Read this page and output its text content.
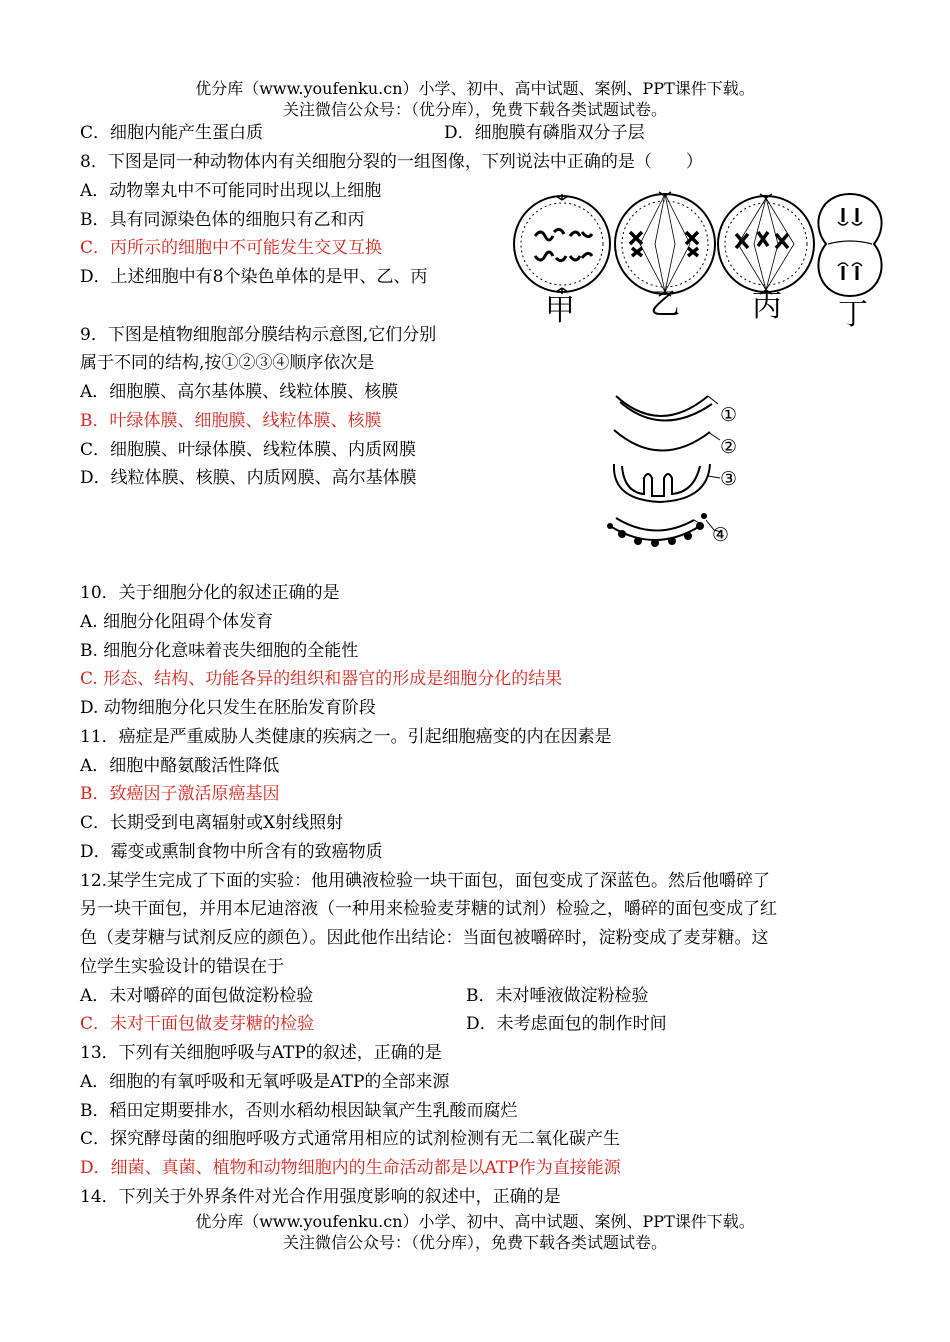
优分库（www.youfenku.cn）小学、初中、高中试题、案例、PPT课件下载。
关注微信公众号：（优分库），免费下载各类试题试卷。
C．细胞内能产生蛋白质	D．细胞膜有磷脂双分子层
8．下图是同一种动物体内有关细胞分裂的一组图像，下列说法中正确的是（　　）
A．动物睾丸中不可能同时出现以上细胞
B．具有同源染色体的细胞只有乙和丙
C．丙所示的细胞中不可能发生交叉互换
D．上述细胞中有8个染色单体的是甲、乙、丙
甲	乙 丙 丁
9．下图是植物细胞部分膜结构示意图,它们分别
属于不同的结构,按①②③④顺序依次是
A．细胞膜、高尔基体膜、线粒体膜、核膜
B．叶绿体膜、细胞膜、线粒体膜、核膜
C．细胞膜、叶绿体膜、线粒体膜、内质网膜
D．线粒体膜、核膜、内质网膜、高尔基体膜
①
②
③
④
10．关于细胞分化的叙述正确的是
A. 细胞分化阻碍个体发育
B. 细胞分化意味着丧失细胞的全能性
C. 形态、结构、功能各异的组织和器官的形成是细胞分化的结果
D. 动物细胞分化只发生在胚胎发育阶段
11．癌症是严重威胁人类健康的疾病之一。引起细胞癌变的内在因素是
A．细胞中酪氨酸活性降低
B．致癌因子激活原癌基因
C．长期受到电离辐射或X射线照射
D．霉变或熏制食物中所含有的致癌物质
12.某学生完成了下面的实验：他用碘液检验一块干面包，面包变成了深蓝色。然后他嚼碎了
另一块干面包，并用本尼迪溶液（一种用来检验麦芽糖的试剂）检验之，嚼碎的面包变成了红
色（麦芽糖与试剂反应的颜色）。因此他作出结论：当面包被嚼碎时，淀粉变成了麦芽糖。这
位学生实验设计的错误在于
A．未对嚼碎的面包做淀粉检验	B．未对唾液做淀粉检验
C．未对干面包做麦芽糖的检验	D．未考虑面包的制作时间
13．下列有关细胞呼吸与ATP的叙述，正确的是
A．细胞的有氧呼吸和无氧呼吸是ATP的全部来源
B．稻田定期要排水，否则水稻幼根因缺氧产生乳酸而腐烂
C．探究酵母菌的细胞呼吸方式通常用相应的试剂检测有无二氧化碳产生
D．细菌、真菌、植物和动物细胞内的生命活动都是以ATP作为直接能源
14．下列关于外界条件对光合作用强度影响的叙述中，正确的是
优分库（www.youfenku.cn）小学、初中、高中试题、案例、PPT课件下载。
关注微信公众号：（优分库），免费下载各类试题试卷。
